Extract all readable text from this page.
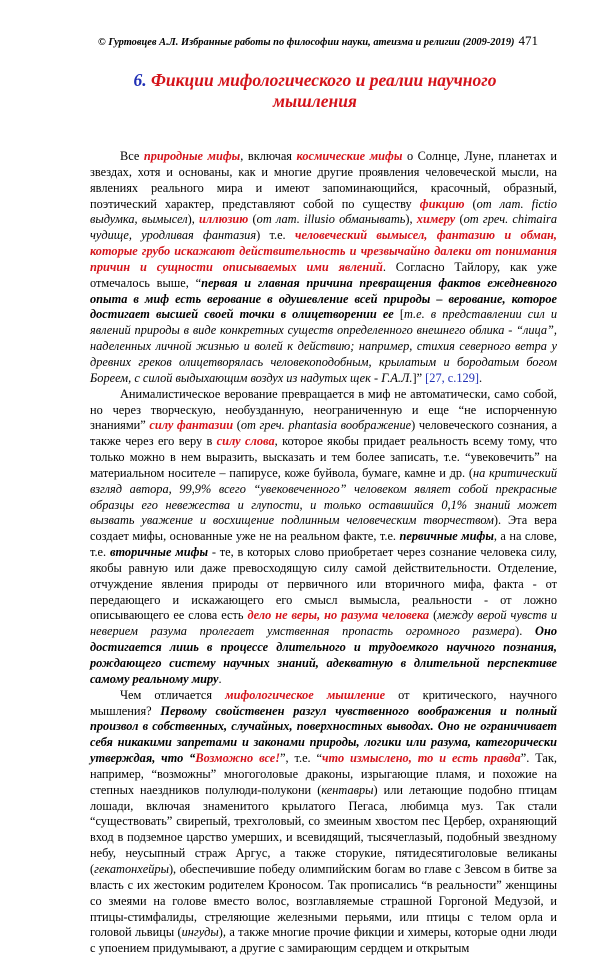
© Гуртовцев А.Л. Избранные работы по философии науки, атеизма и религии (2009-2019) 471
6. Фикции мифологического и реалии научного мышления

Все природные мифы, включая космические мифы о Солнце, Луне, планетах и звездах, хотя и основаны, как и многие другие проявления человеческой мысли, на явлениях реального мира и имеют запоминающийся, красочный, образный, поэтический характер, представляют собой по существу фикцию (от лат. fictio выдумка, вымысел), иллюзию (от лат. illusio обманывать), химеру (от греч. chimaira чудище, уродливая фантазия) т.е. человеческий вымысел, фантазию и обман, которые грубо искажают действительность и чрезвычайно далеки от понимания причин и сущности описываемых ими явлений. Согласно Тайлору, как уже отмечалось выше, “первая и главная причина превращения фактов ежедневного опыта в миф есть верование в одушевление всей природы – верование, которое достигает высшей своей точки в олицетворении ее [т.е. в представлении сил и явлений природы в виде конкретных существ определенного внешнего облика - “лица”, наделенных личной жизнью и волей к действию; например, стихия северного ветра у древних греков олицетворялась человекоподобным, крылатым и бородатым богом Бореем, с силой выдыхающим воздух из надутых щек - Г.А.Л.]” [27, с.129].

Анималистическое верование превращается в миф не автоматически, само собой, но через творческую, необузданную, неограниченную и еще “не испорченную знаниями” силу фантазии (от греч. phantasia воображение) человеческого сознания, а также через его веру в силу слова, которое якобы придает реальность всему тому, что только можно в нем выразить, высказать и тем более записать, т.е. “увековечить” на материальном носителе – папирусе, коже буйвола, бумаге, камне и др. (на критический взгляд автора, 99,9% всего “увековеченного” человеком являет собой прекрасные образцы его невежества и глупости, и только оставшийся 0,1% знаний может вызвать уважение и восхищение подлинным человеческим творчеством). Эта вера создает мифы, основанные уже не на реальном факте, т.е. первичные мифы, а на слове, т.е. вторичные мифы - те, в которых слово приобретает через сознание человека силу, якобы равную или даже превосходящую силу самой действительности. Отделение, отчуждение явления природы от первичного или вторичного мифа, факта - от передающего и искажающего его смысл вымысла, реальности - от ложно описывающего ее слова есть дело не веры, но разума человека (между верой чувств и неверием разума пролегает умственная пропасть огромного размера). Оно достигается лишь в процессе длительного и трудоемкого научного познания, рождающего систему научных знаний, адекватную в длительной перспективе самому реальному миру.

Чем отличается мифологическое мышление от критического, научного мышления? Первому свойственен разгул чувственного воображения и полный произвол в собственных, случайных, поверхностных выводах. Оно не ограничивает себя никакими запретами и законами природы, логики или разума, категорически утверждая, что “Возможно все!”, т.е. “что измыслено, то и есть правда”. Так, например, “возможны” многоголовые драконы, изрыгающие пламя, и похожие на степных наездников полулюди-полукони (кентавры) или летающие подобно птицам лошади, включая знаменитого крылатого Пегаса, любимца муз. Так стали “существовать” свирепый, трехголовый, со змеиным хвостом пес Цербер, охраняющий вход в подземное царство умерших, и всевидящий, тысячеглазый, подобный звездному небу, неусыпный страж Аргус, а также сторукие, пятидесятиголовые великаны (гекатонхейры), обеспечившие победу олимпийским богам во главе с Зевсом в битве за власть с их жестоким родителем Кроносом. Так прописались “в реальности” женщины со змеями на голове вместо волос, возглавляемые страшной Горгоной Медузой, и птицы-стимфалиды, стреляющие железными перьями, или птицы с телом орла и головой львицы (ингуды), а также многие прочие фикции и химеры, которые одни люди с упоением придумывают, а другие с замирающим сердцем и открытым
